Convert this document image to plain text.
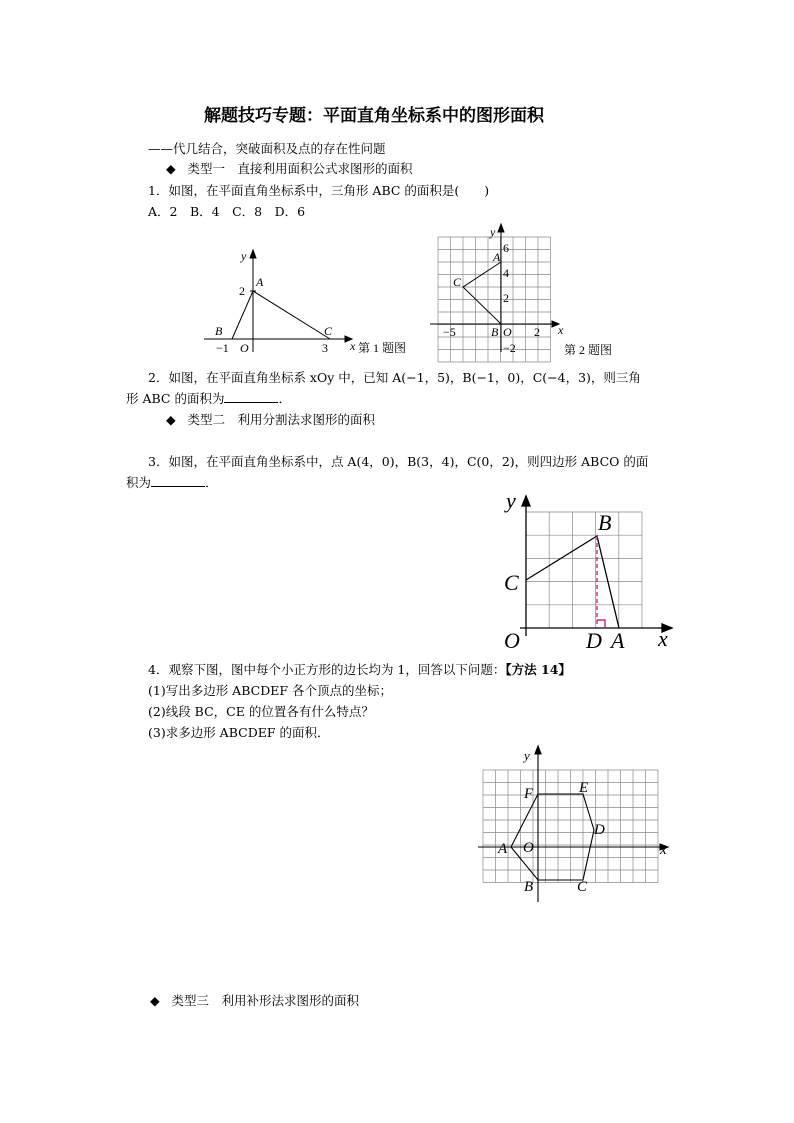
解题技巧专题：平面直角坐标系中的图形面积
——代几结合，突破面积及点的存在性问题
◆ 类型一　直接利用面积公式求图形的面积
1．如图，在平面直角坐标系中，三角形 ABC 的面积是(　　)
A．2　B．4　C．8　D．6
y
x
A
B	C
2
O
−1	3	第 1 题图
y
x
A
C
B O
6
4
2
−2
−5	2
第 2 题图
2．如图，在平面直角坐标系 xOy 中，已知 A(−1，5)，B(−1，0)，C(−4，3)，则三角
形 ABC 的面积为	．
◆ 类型二　利用分割法求图形的面积
3．如图，在平面直角坐标系中，点 A(4，0)，B(3，4)，C(0，2)，则四边形 ABCO 的面
积为	．
y
x
B
C
O	D A
4．观察下图，图中每个小正方形的边长均为 1，回答以下问题：【方法 14】
(1)写出多边形 ABCDEF 各个顶点的坐标；
(2)线段 BC，CE 的位置各有什么特点？
(3)求多边形 ABCDEF 的面积．
y
x
F	E
D
A O
B	C
◆ 类型三　利用补形法求图形的面积
